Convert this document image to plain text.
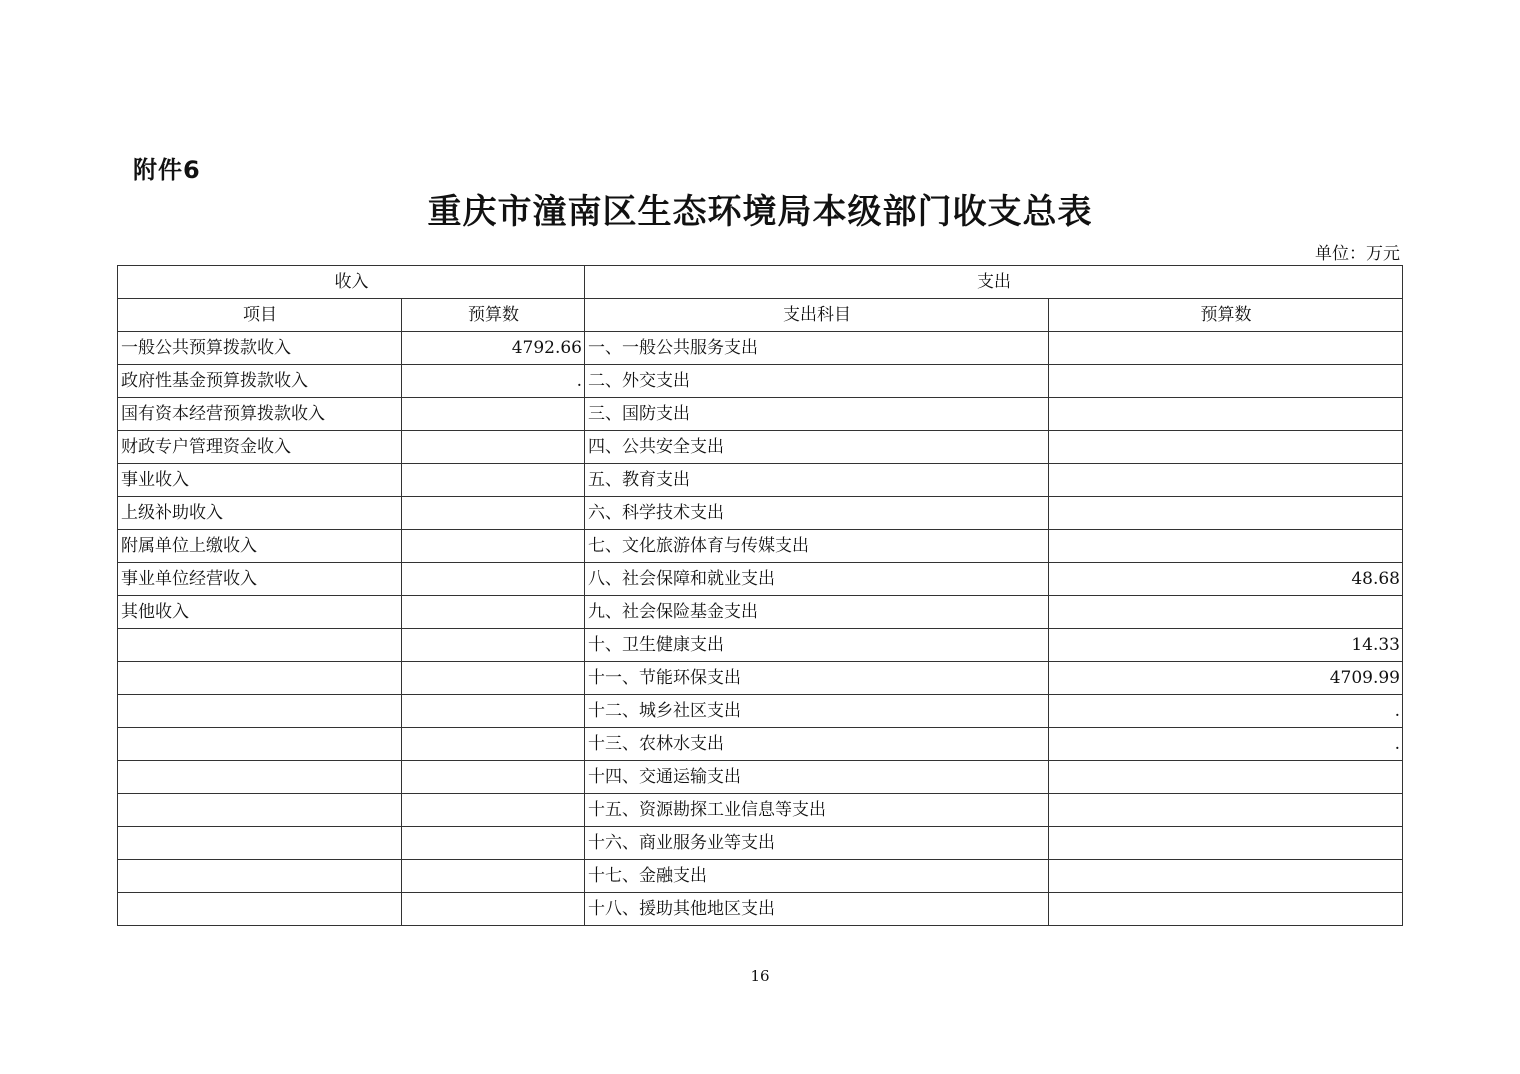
附件6
重庆市潼南区生态环境局本级部门收支总表
单位：万元
收入		支出	
项目	预算数	支出科目	预算数
一般公共预算拨款收入	4792.66	一、一般公共服务支出	
政府性基金预算拨款收入	.	二、外交支出	
国有资本经营预算拨款收入		三、国防支出	
财政专户管理资金收入		四、公共安全支出	
事业收入		五、教育支出	
上级补助收入		六、科学技术支出	
附属单位上缴收入		七、文化旅游体育与传媒支出	
事业单位经营收入		八、社会保障和就业支出	48.68
其他收入		九、社会保险基金支出	
		十、卫生健康支出	14.33
		十一、节能环保支出	4709.99
		十二、城乡社区支出	.
		十三、农林水支出	.
		十四、交通运输支出	
		十五、资源勘探工业信息等支出	
		十六、商业服务业等支出	
		十七、金融支出	
		十八、援助其他地区支出	
16
